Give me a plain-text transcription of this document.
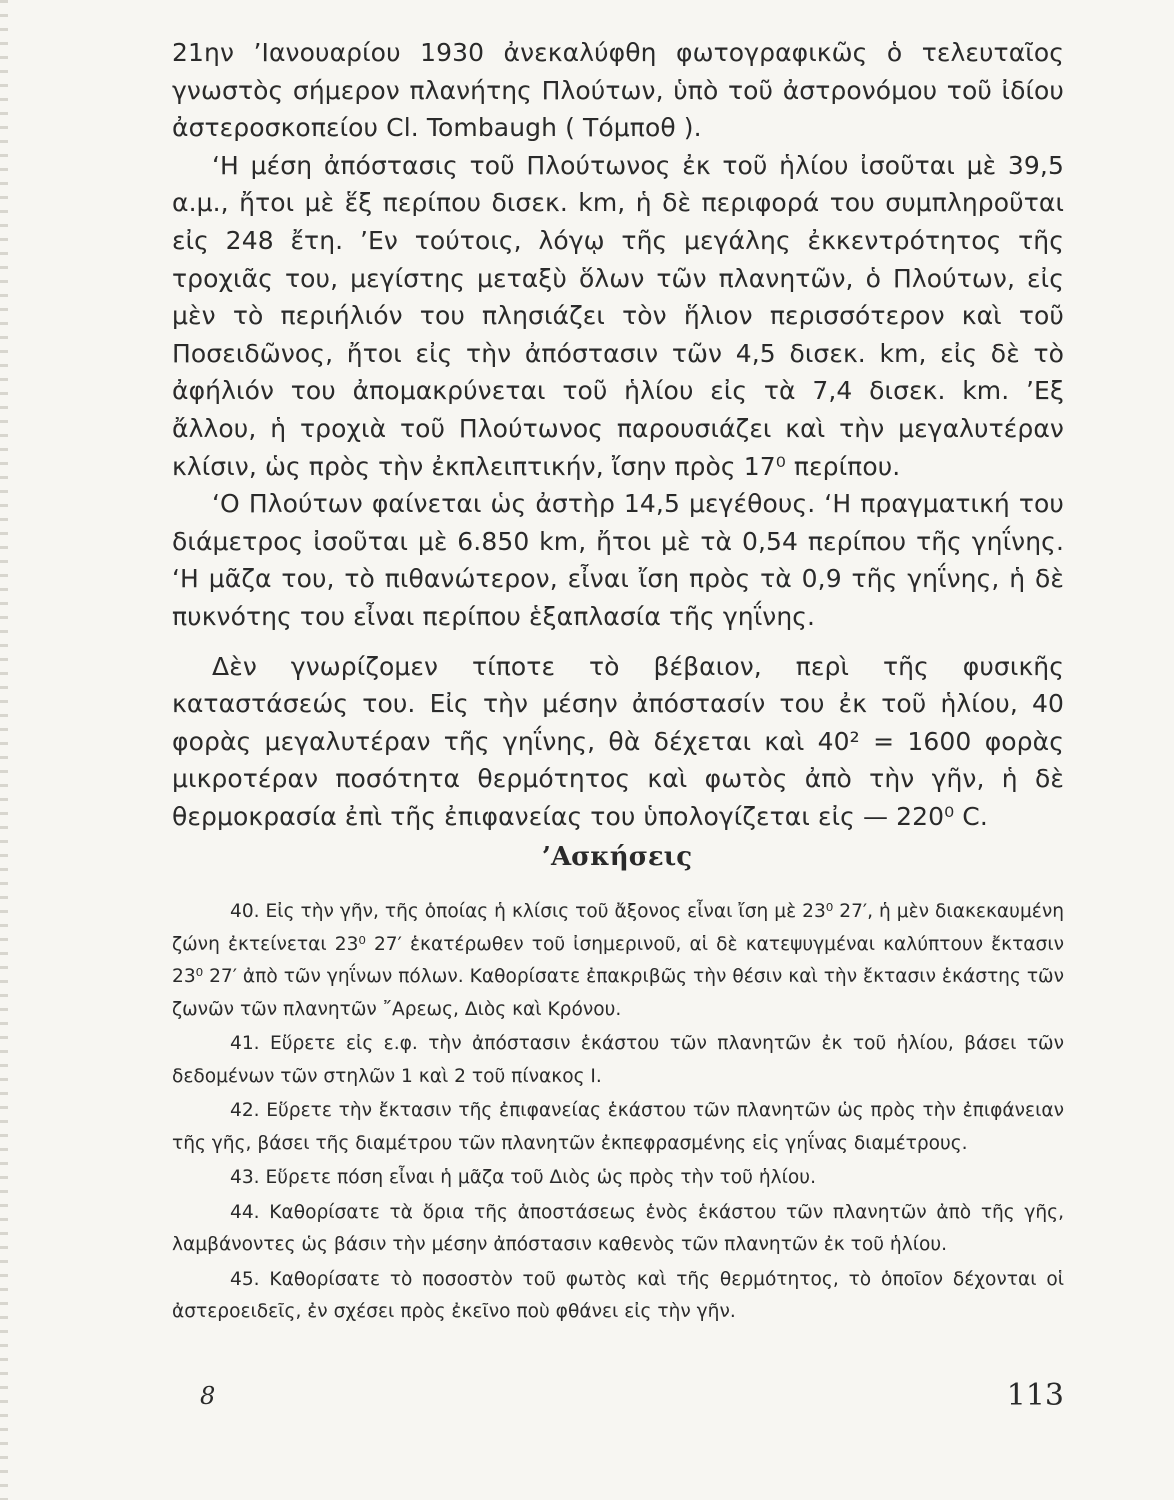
21ην ’Ιανουαρίου 1930 ἀνεκαλύφθη φωτογραφικῶς ὁ τελευταῖος γνωστὸς σήμερον πλανήτης Πλούτων, ὑπὸ τοῦ ἀστρονόμου τοῦ ἰδίου ἀστεροσκοπείου Cl. Tombaugh ( Τόμποθ ).

‘Η μέση ἀπόστασις τοῦ Πλούτωνος ἐκ τοῦ ἡλίου ἰσοῦται μὲ 39,5 α.μ., ἤτοι μὲ ἕξ περίπου δισεκ. km, ἡ δὲ περιφορά του συμπληροῦται εἰς 248 ἔτη. ’Εν τούτοις, λόγῳ τῆς μεγάλης ἐκκεντρότητος τῆς τροχιᾶς του, μεγίστης μεταξὺ ὅλων τῶν πλανητῶν, ὁ Πλούτων, εἰς μὲν τὸ περιήλιόν του πλησιάζει τὸν ἥλιον περισσότερον καὶ τοῦ Ποσειδῶνος, ἤτοι εἰς τὴν ἀπόστασιν τῶν 4,5 δισεκ. km, εἰς δὲ τὸ ἀφήλιόν του ἀπομακρύνεται τοῦ ἡλίου εἰς τὰ 7,4 δισεκ. km. ’Εξ ἄλλου, ἡ τροχιὰ τοῦ Πλούτωνος παρουσιάζει καὶ τὴν μεγαλυτέραν κλίσιν, ὡς πρὸς τὴν ἐκπλειπτικήν, ἴσην πρὸς 17⁰ περίπου.

‘Ο Πλούτων φαίνεται ὡς ἀστὴρ 14,5 μεγέθους. ‘Η πραγματική του διάμετρος ἰσοῦται μὲ 6.850 km, ἤτοι μὲ τὰ 0,54 περίπου τῆς γηΐνης. ‘Η μᾶζα του, τὸ πιθανώτερον, εἶναι ἴση πρὸς τὰ 0,9 τῆς γηΐνης, ἡ δὲ πυκνότης του εἶναι περίπου ἑξαπλασία τῆς γηΐνης.

Δὲν γνωρίζομεν τίποτε τὸ βέβαιον, περὶ τῆς φυσικῆς καταστάσεώς του. Εἰς τὴν μέσην ἀπόστασίν του ἐκ τοῦ ἡλίου, 40 φορὰς μεγαλυτέραν τῆς γηΐνης, θὰ δέχεται καὶ 40² = 1600 φορὰς μικροτέραν ποσότητα θερμότητος καὶ φωτὸς ἀπὸ τὴν γῆν, ἡ δὲ θερμοκρασία ἐπὶ τῆς ἐπιφανείας του ὑπολογίζεται εἰς — 220⁰ C.

’Ασκήσεις

40. Εἰς τὴν γῆν, τῆς ὁποίας ἡ κλίσις τοῦ ἄξονος εἶναι ἴση μὲ 23⁰ 27′, ἡ μὲν διακεκαυμένη ζώνη ἐκτείνεται 23⁰ 27′ ἑκατέρωθεν τοῦ ἰσημερινοῦ, αἱ δὲ κατεψυγμέναι καλύπτουν ἔκτασιν 23⁰ 27′ ἀπὸ τῶν γηΐνων πόλων. Καθορίσατε ἐπακριβῶς τὴν θέσιν καὶ τὴν ἔκτασιν ἑκάστης τῶν ζωνῶν τῶν πλανητῶν ῎Αρεως, Διὸς καὶ Κρόνου.

41. Εὕρετε εἰς ε.φ. τὴν ἀπόστασιν ἑκάστου τῶν πλανητῶν ἐκ τοῦ ἡλίου, βάσει τῶν δεδομένων τῶν στηλῶν 1 καὶ 2 τοῦ πίνακος Ι.

42. Εὕρετε τὴν ἔκτασιν τῆς ἐπιφανείας ἑκάστου τῶν πλανητῶν ὡς πρὸς τὴν ἐπιφάνειαν τῆς γῆς, βάσει τῆς διαμέτρου τῶν πλανητῶν ἐκπεφρασμένης εἰς γηΐνας διαμέτρους.

43. Εὕρετε πόση εἶναι ἡ μᾶζα τοῦ Διὸς ὡς πρὸς τὴν τοῦ ἡλίου.

44. Καθορίσατε τὰ ὅρια τῆς ἀποστάσεως ἑνὸς ἑκάστου τῶν πλανητῶν ἀπὸ τῆς γῆς, λαμβάνοντες ὡς βάσιν τὴν μέσην ἀπόστασιν καθενὸς τῶν πλανητῶν ἐκ τοῦ ἡλίου.

45. Καθορίσατε τὸ ποσοστὸν τοῦ φωτὸς καὶ τῆς θερμότητος, τὸ ὁποῖον δέχονται οἱ ἀστεροειδεῖς, ἐν σχέσει πρὸς ἐκεῖνο ποὺ φθάνει εἰς τὴν γῆν.

8	113
